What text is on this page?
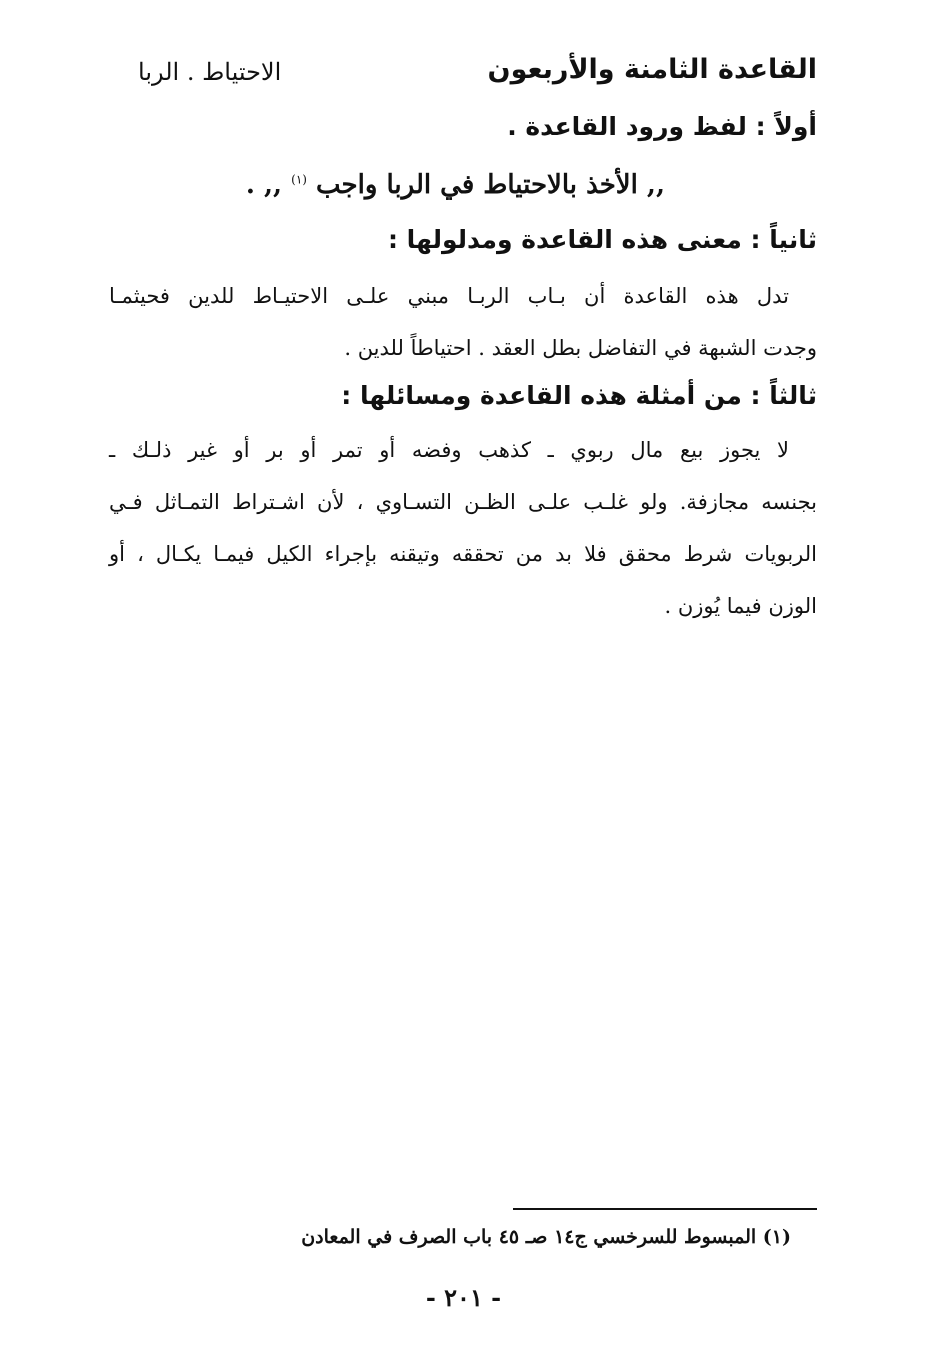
القاعدة الثامنة والأربعون
الاحتياط . الربا
أولاً : لفظ ورود القاعدة .
,, الأخذ بالاحتياط في الربا واجب $^{(١)}$ ,, .
ثانياً : معنى هذه القاعدة ومدلولها :
تدل هذه القاعدة أن بـاب الربـا مبني علـى الاحتيـاط للدين فحيثمـا
وجدت الشبهة في التفاضل بطل العقد . احتياطاً للدين .
ثالثاً : من أمثلة هذه القاعدة ومسائلها :
لا يجوز بيع مال ربوي ـ كذهب وفضه أو تمر أو بر أو غير ذلـك ـ
بجنسه مجازفة. ولو غلـب علـى الظـن التسـاوي ، لأن اشـتراط التمـاثل فـي
الربويات شرط محقق فلا بد من تحققه وتيقنه بإجراء الكيل فيمـا يكـال ، أو
الوزن فيما يُوزن .
(١) المبسوط للسرخسي ج١٤ صـ ٤٥ باب الصرف في المعادن
- ٢٠١ -
